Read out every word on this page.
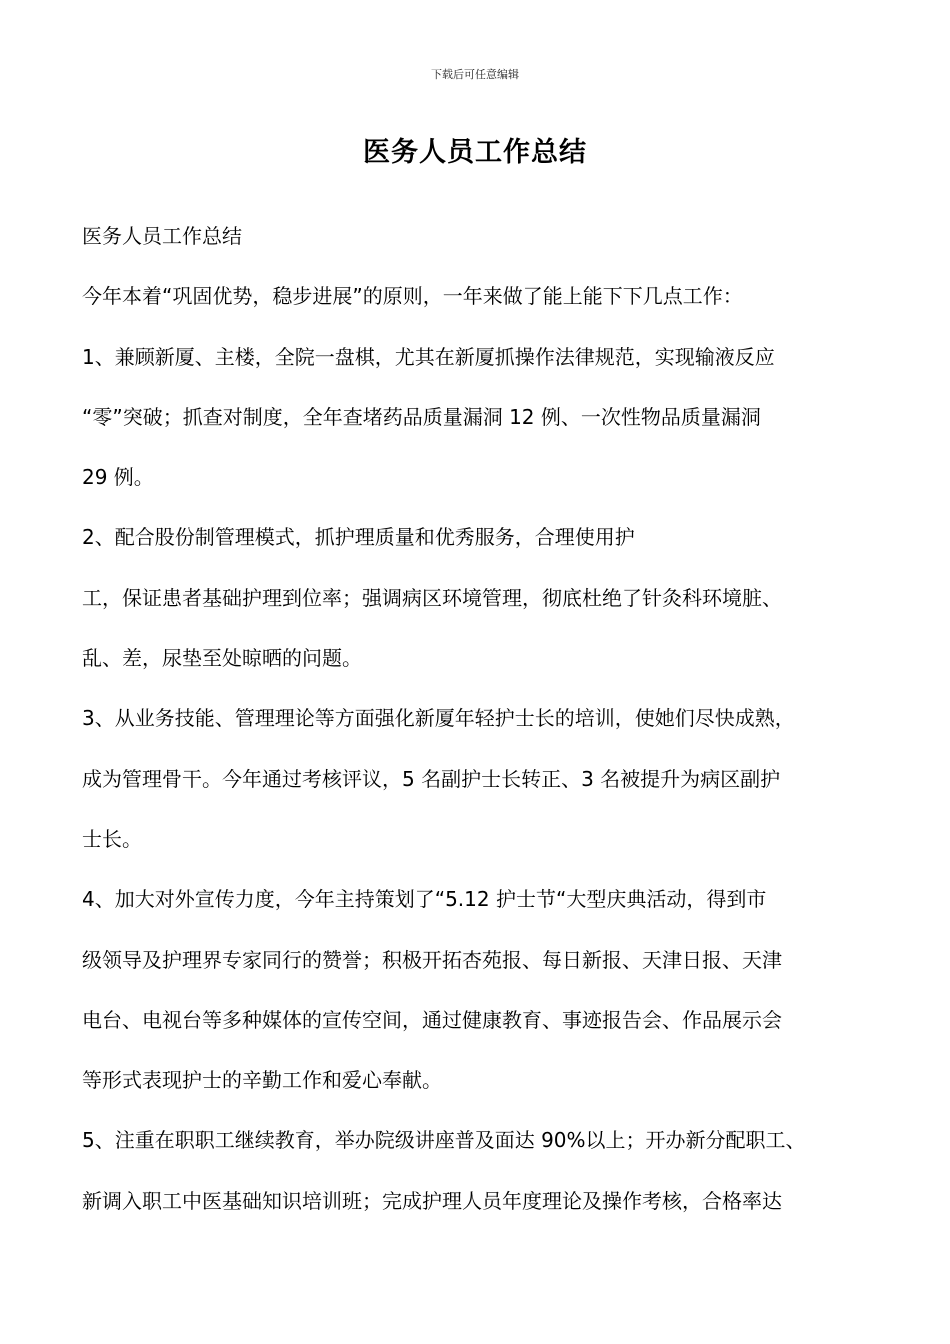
下载后可任意编辑
医务人员工作总结
医务人员工作总结
今年本着“巩固优势，稳步进展”的原则，一年来做了能上能下下几点工作：
1、兼顾新厦、主楼，全院一盘棋，尤其在新厦抓操作法律规范，实现输液反应
“零”突破；抓查对制度，全年查堵药品质量漏洞 12 例、一次性物品质量漏洞
29 例。
2、配合股份制管理模式，抓护理质量和优秀服务，合理使用护
工，保证患者基础护理到位率；强调病区环境管理，彻底杜绝了针灸科环境脏、
乱、差，尿垫至处晾晒的问题。
3、从业务技能、管理理论等方面强化新厦年轻护士长的培训，使她们尽快成熟，
成为管理骨干。今年通过考核评议，5 名副护士长转正、3 名被提升为病区副护
士长。
4、加大对外宣传力度，今年主持策划了“5.12 护士节“大型庆典活动，得到市
级领导及护理界专家同行的赞誉；积极开拓杏苑报、每日新报、天津日报、天津
电台、电视台等多种媒体的宣传空间，通过健康教育、事迹报告会、作品展示会
等形式表现护士的辛勤工作和爱心奉献。
5、注重在职职工继续教育，举办院级讲座普及面达 90%以上；开办新分配职工、
新调入职工中医基础知识培训班；完成护理人员年度理论及操作考核，合格率达
